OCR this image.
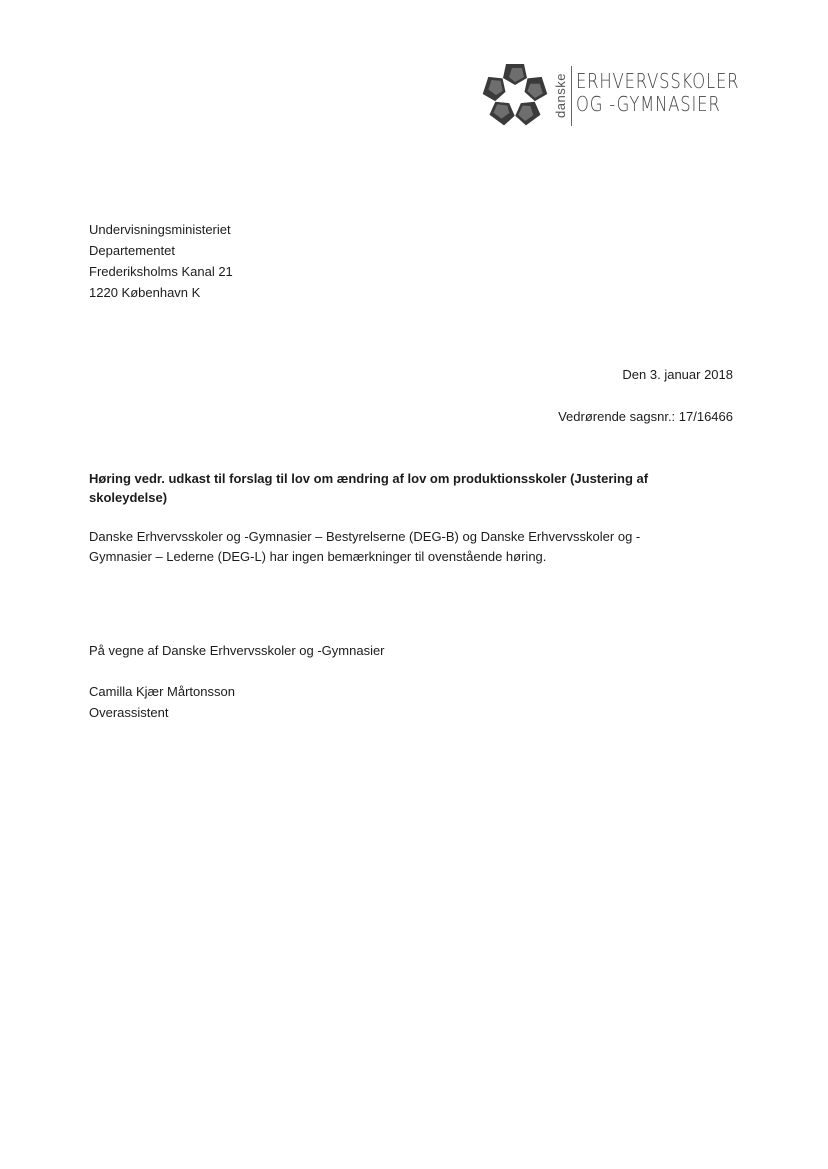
danske ERHVERVSSKOLER
OG -GYMNASIER
Undervisningsministeriet
Departementet
Frederiksholms Kanal 21
1220 København K
Den 3. januar 2018
Vedrørende sagsnr.: 17/16466
Høring vedr. udkast til forslag til lov om ændring af lov om produktionsskoler (Justering af skoleydelse)
Danske Erhvervsskoler og -Gymnasier – Bestyrelserne (DEG-B) og Danske Erhvervsskoler og -Gymnasier – Lederne (DEG-L) har ingen bemærkninger til ovenstående høring.
På vegne af Danske Erhvervsskoler og -Gymnasier
Camilla Kjær Mårtonsson
Overassistent
